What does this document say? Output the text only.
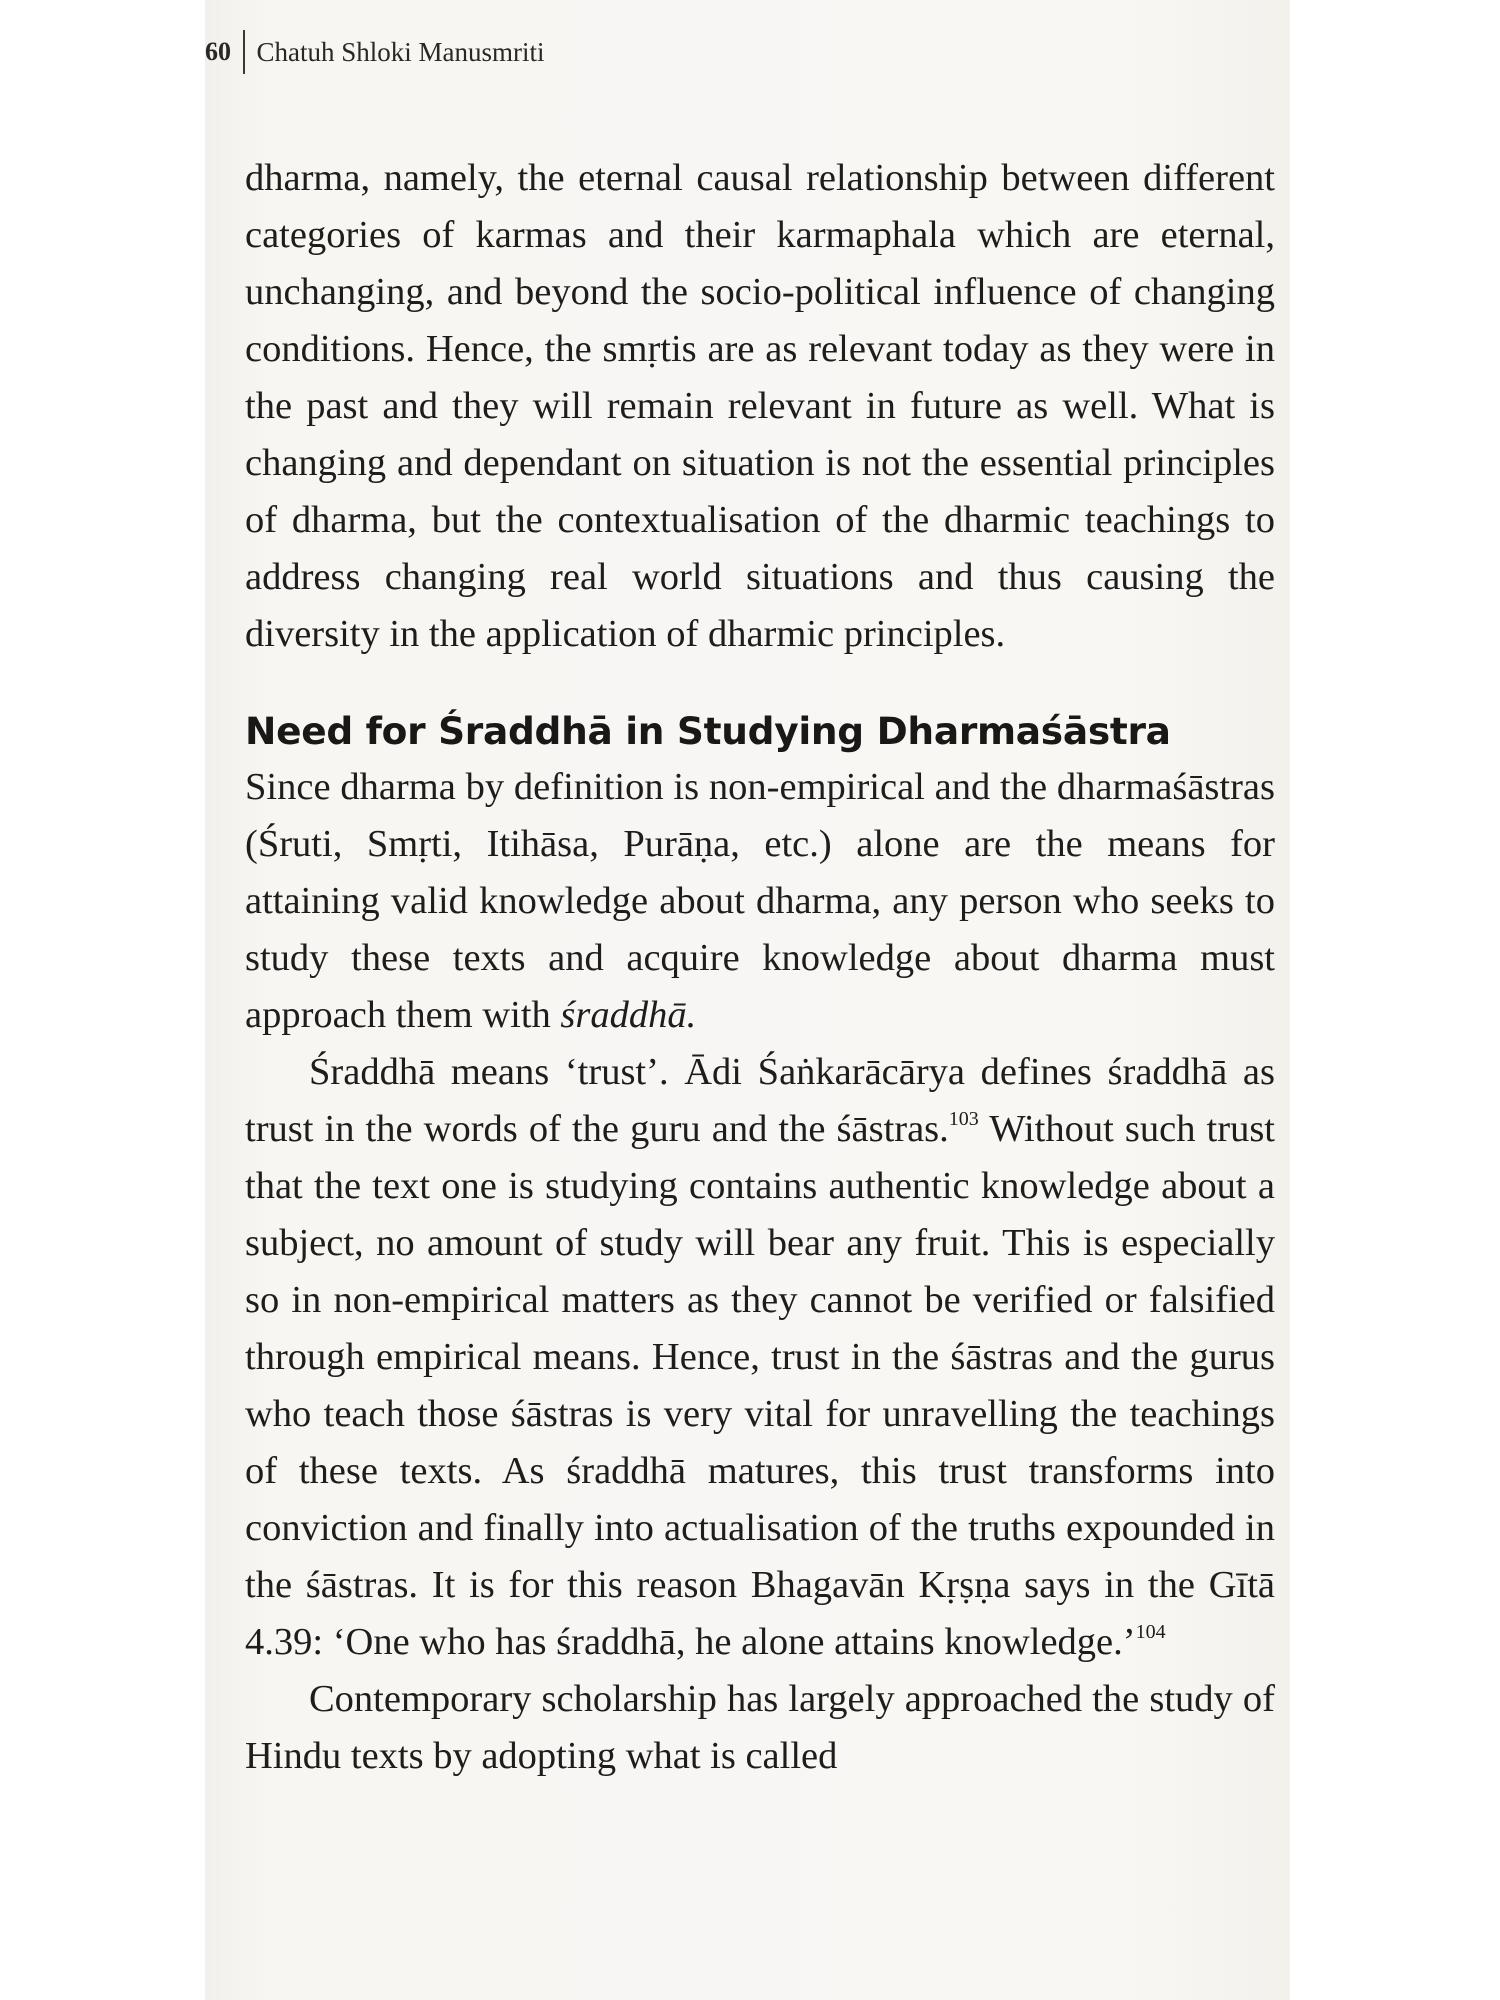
60 Chatuh Shloki Manusmriti

dharma, namely, the eternal causal relationship between different categories of karmas and their karmaphala which are eternal, unchanging, and beyond the socio-political influence of changing conditions. Hence, the smṛtis are as relevant today as they were in the past and they will remain relevant in future as well. What is changing and dependant on situation is not the essential principles of dharma, but the contextualisation of the dharmic teachings to address changing real world situations and thus causing the diversity in the application of dharmic principles.

Need for Śraddhā in Studying Dharmaśāstra

Since dharma by definition is non-empirical and the dharmaśāstras (Śruti, Smṛti, Itihāsa, Purāṇa, etc.) alone are the means for attaining valid knowledge about dharma, any person who seeks to study these texts and acquire knowledge about dharma must approach them with śraddhā.

Śraddhā means ‘trust’. Ādi Śaṅkarācārya defines śraddhā as trust in the words of the guru and the śāstras.$^{103}$ Without such trust that the text one is studying contains authentic knowledge about a subject, no amount of study will bear any fruit. This is especially so in non-empirical matters as they cannot be verified or falsified through empirical means. Hence, trust in the śāstras and the gurus who teach those śāstras is very vital for unravelling the teachings of these texts. As śraddhā matures, this trust transforms into conviction and finally into actualisation of the truths expounded in the śāstras. It is for this reason Bhagavān Kṛṣṇa says in the Gītā 4.39: ‘One who has śraddhā, he alone attains knowledge.’$^{104}$

Contemporary scholarship has largely approached the study of Hindu texts by adopting what is called
